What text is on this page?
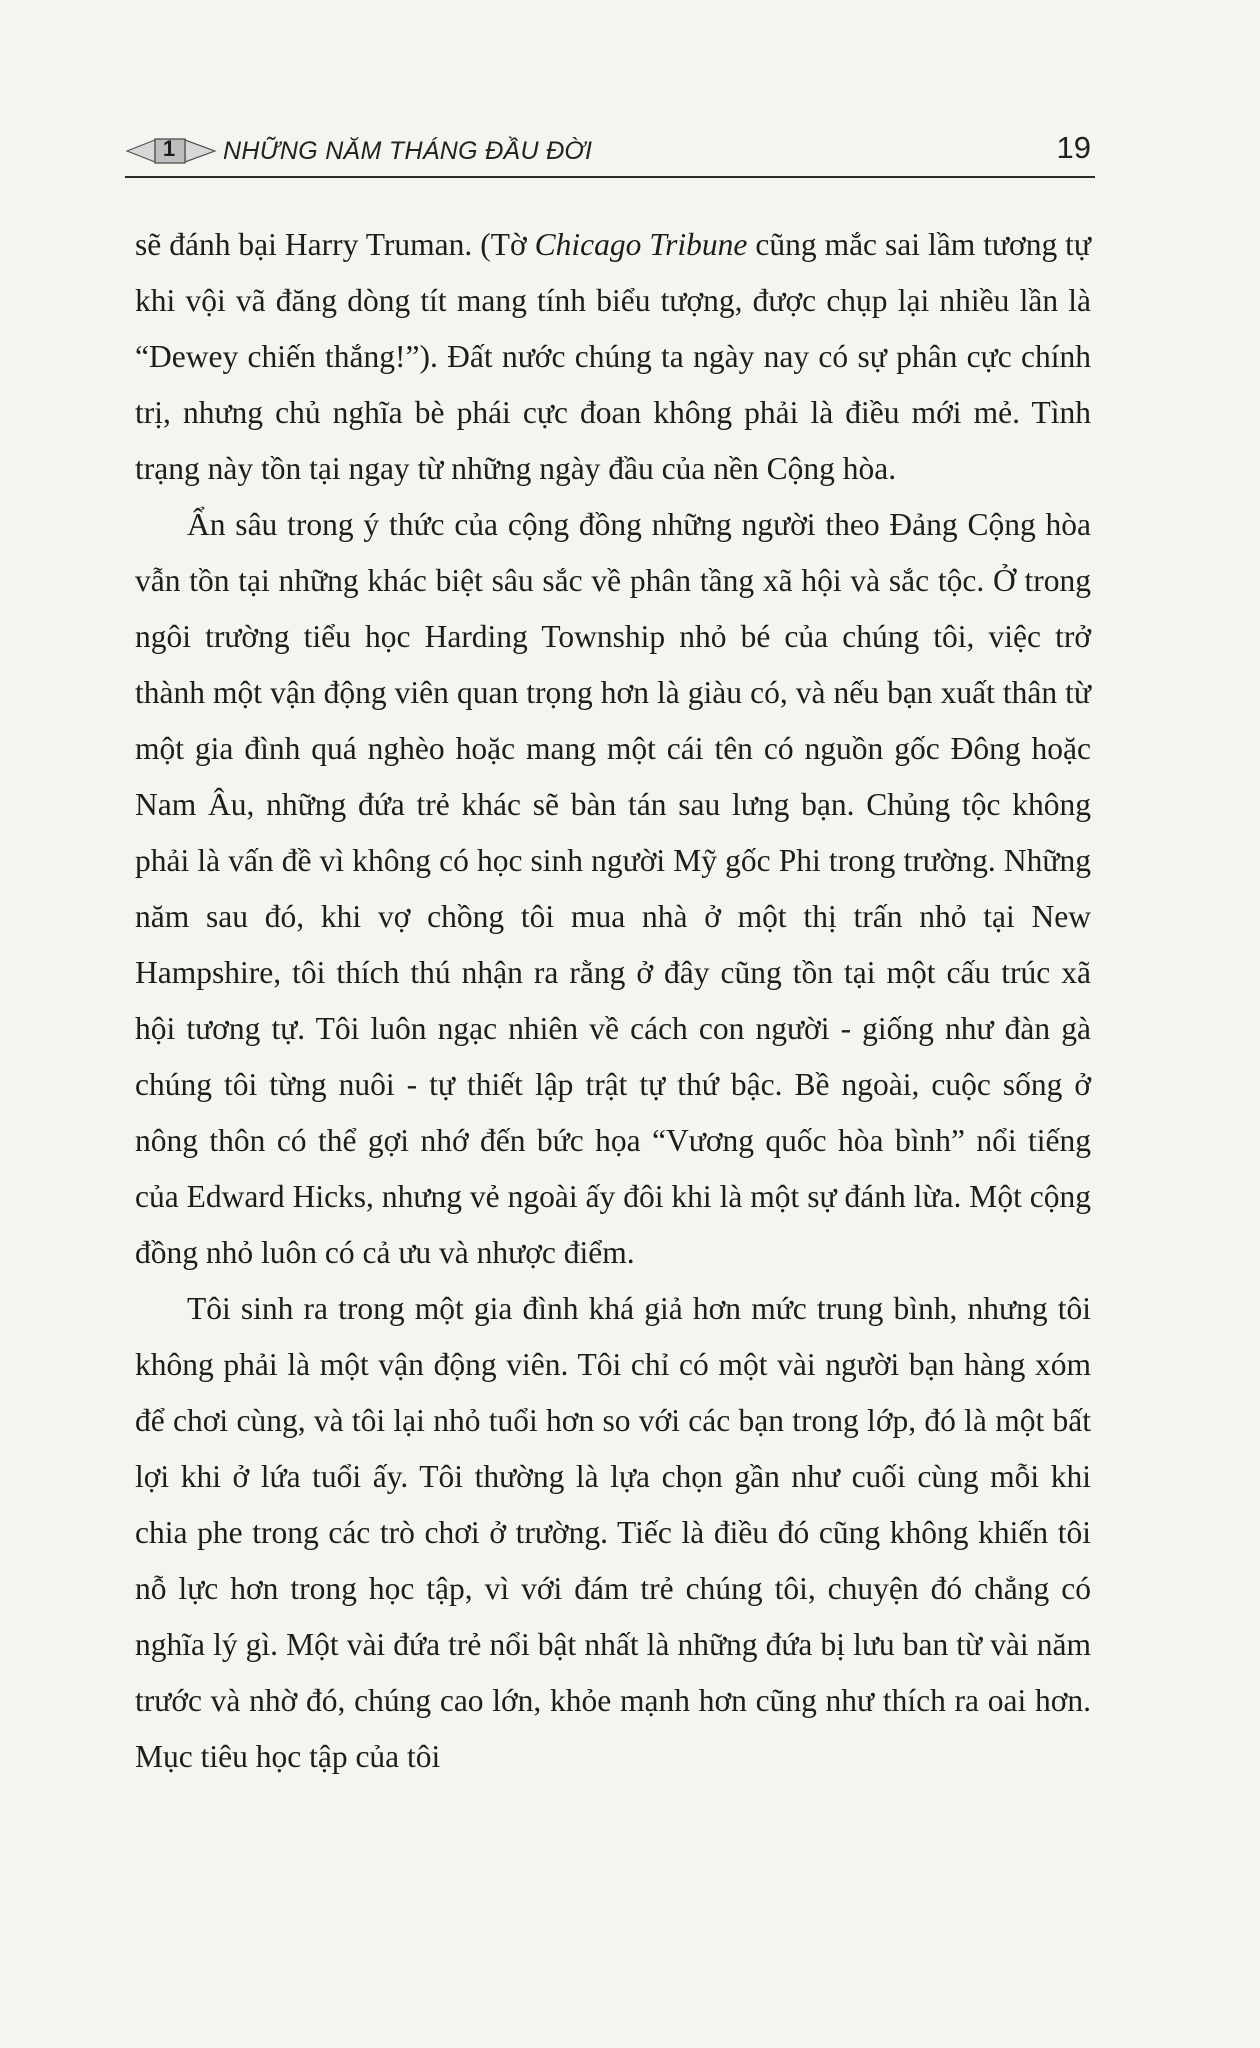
1 NHỮNG NĂM THÁNG ĐẦU ĐỜI	19

sẽ đánh bại Harry Truman. (Tờ Chicago Tribune cũng mắc sai lầm tương tự khi vội vã đăng dòng tít mang tính biểu tượng, được chụp lại nhiều lần là “Dewey chiến thắng!”). Đất nước chúng ta ngày nay có sự phân cực chính trị, nhưng chủ nghĩa bè phái cực đoan không phải là điều mới mẻ. Tình trạng này tồn tại ngay từ những ngày đầu của nền Cộng hòa.

Ẩn sâu trong ý thức của cộng đồng những người theo Đảng Cộng hòa vẫn tồn tại những khác biệt sâu sắc về phân tầng xã hội và sắc tộc. Ở trong ngôi trường tiểu học Harding Township nhỏ bé của chúng tôi, việc trở thành một vận động viên quan trọng hơn là giàu có, và nếu bạn xuất thân từ một gia đình quá nghèo hoặc mang một cái tên có nguồn gốc Đông hoặc Nam Âu, những đứa trẻ khác sẽ bàn tán sau lưng bạn. Chủng tộc không phải là vấn đề vì không có học sinh người Mỹ gốc Phi trong trường. Những năm sau đó, khi vợ chồng tôi mua nhà ở một thị trấn nhỏ tại New Hampshire, tôi thích thú nhận ra rằng ở đây cũng tồn tại một cấu trúc xã hội tương tự. Tôi luôn ngạc nhiên về cách con người - giống như đàn gà chúng tôi từng nuôi - tự thiết lập trật tự thứ bậc. Bề ngoài, cuộc sống ở nông thôn có thể gợi nhớ đến bức họa “Vương quốc hòa bình” nổi tiếng của Edward Hicks, nhưng vẻ ngoài ấy đôi khi là một sự đánh lừa. Một cộng đồng nhỏ luôn có cả ưu và nhược điểm.

Tôi sinh ra trong một gia đình khá giả hơn mức trung bình, nhưng tôi không phải là một vận động viên. Tôi chỉ có một vài người bạn hàng xóm để chơi cùng, và tôi lại nhỏ tuổi hơn so với các bạn trong lớp, đó là một bất lợi khi ở lứa tuổi ấy. Tôi thường là lựa chọn gần như cuối cùng mỗi khi chia phe trong các trò chơi ở trường. Tiếc là điều đó cũng không khiến tôi nỗ lực hơn trong học tập, vì với đám trẻ chúng tôi, chuyện đó chẳng có nghĩa lý gì. Một vài đứa trẻ nổi bật nhất là những đứa bị lưu ban từ vài năm trước và nhờ đó, chúng cao lớn, khỏe mạnh hơn cũng như thích ra oai hơn. Mục tiêu học tập của tôi
